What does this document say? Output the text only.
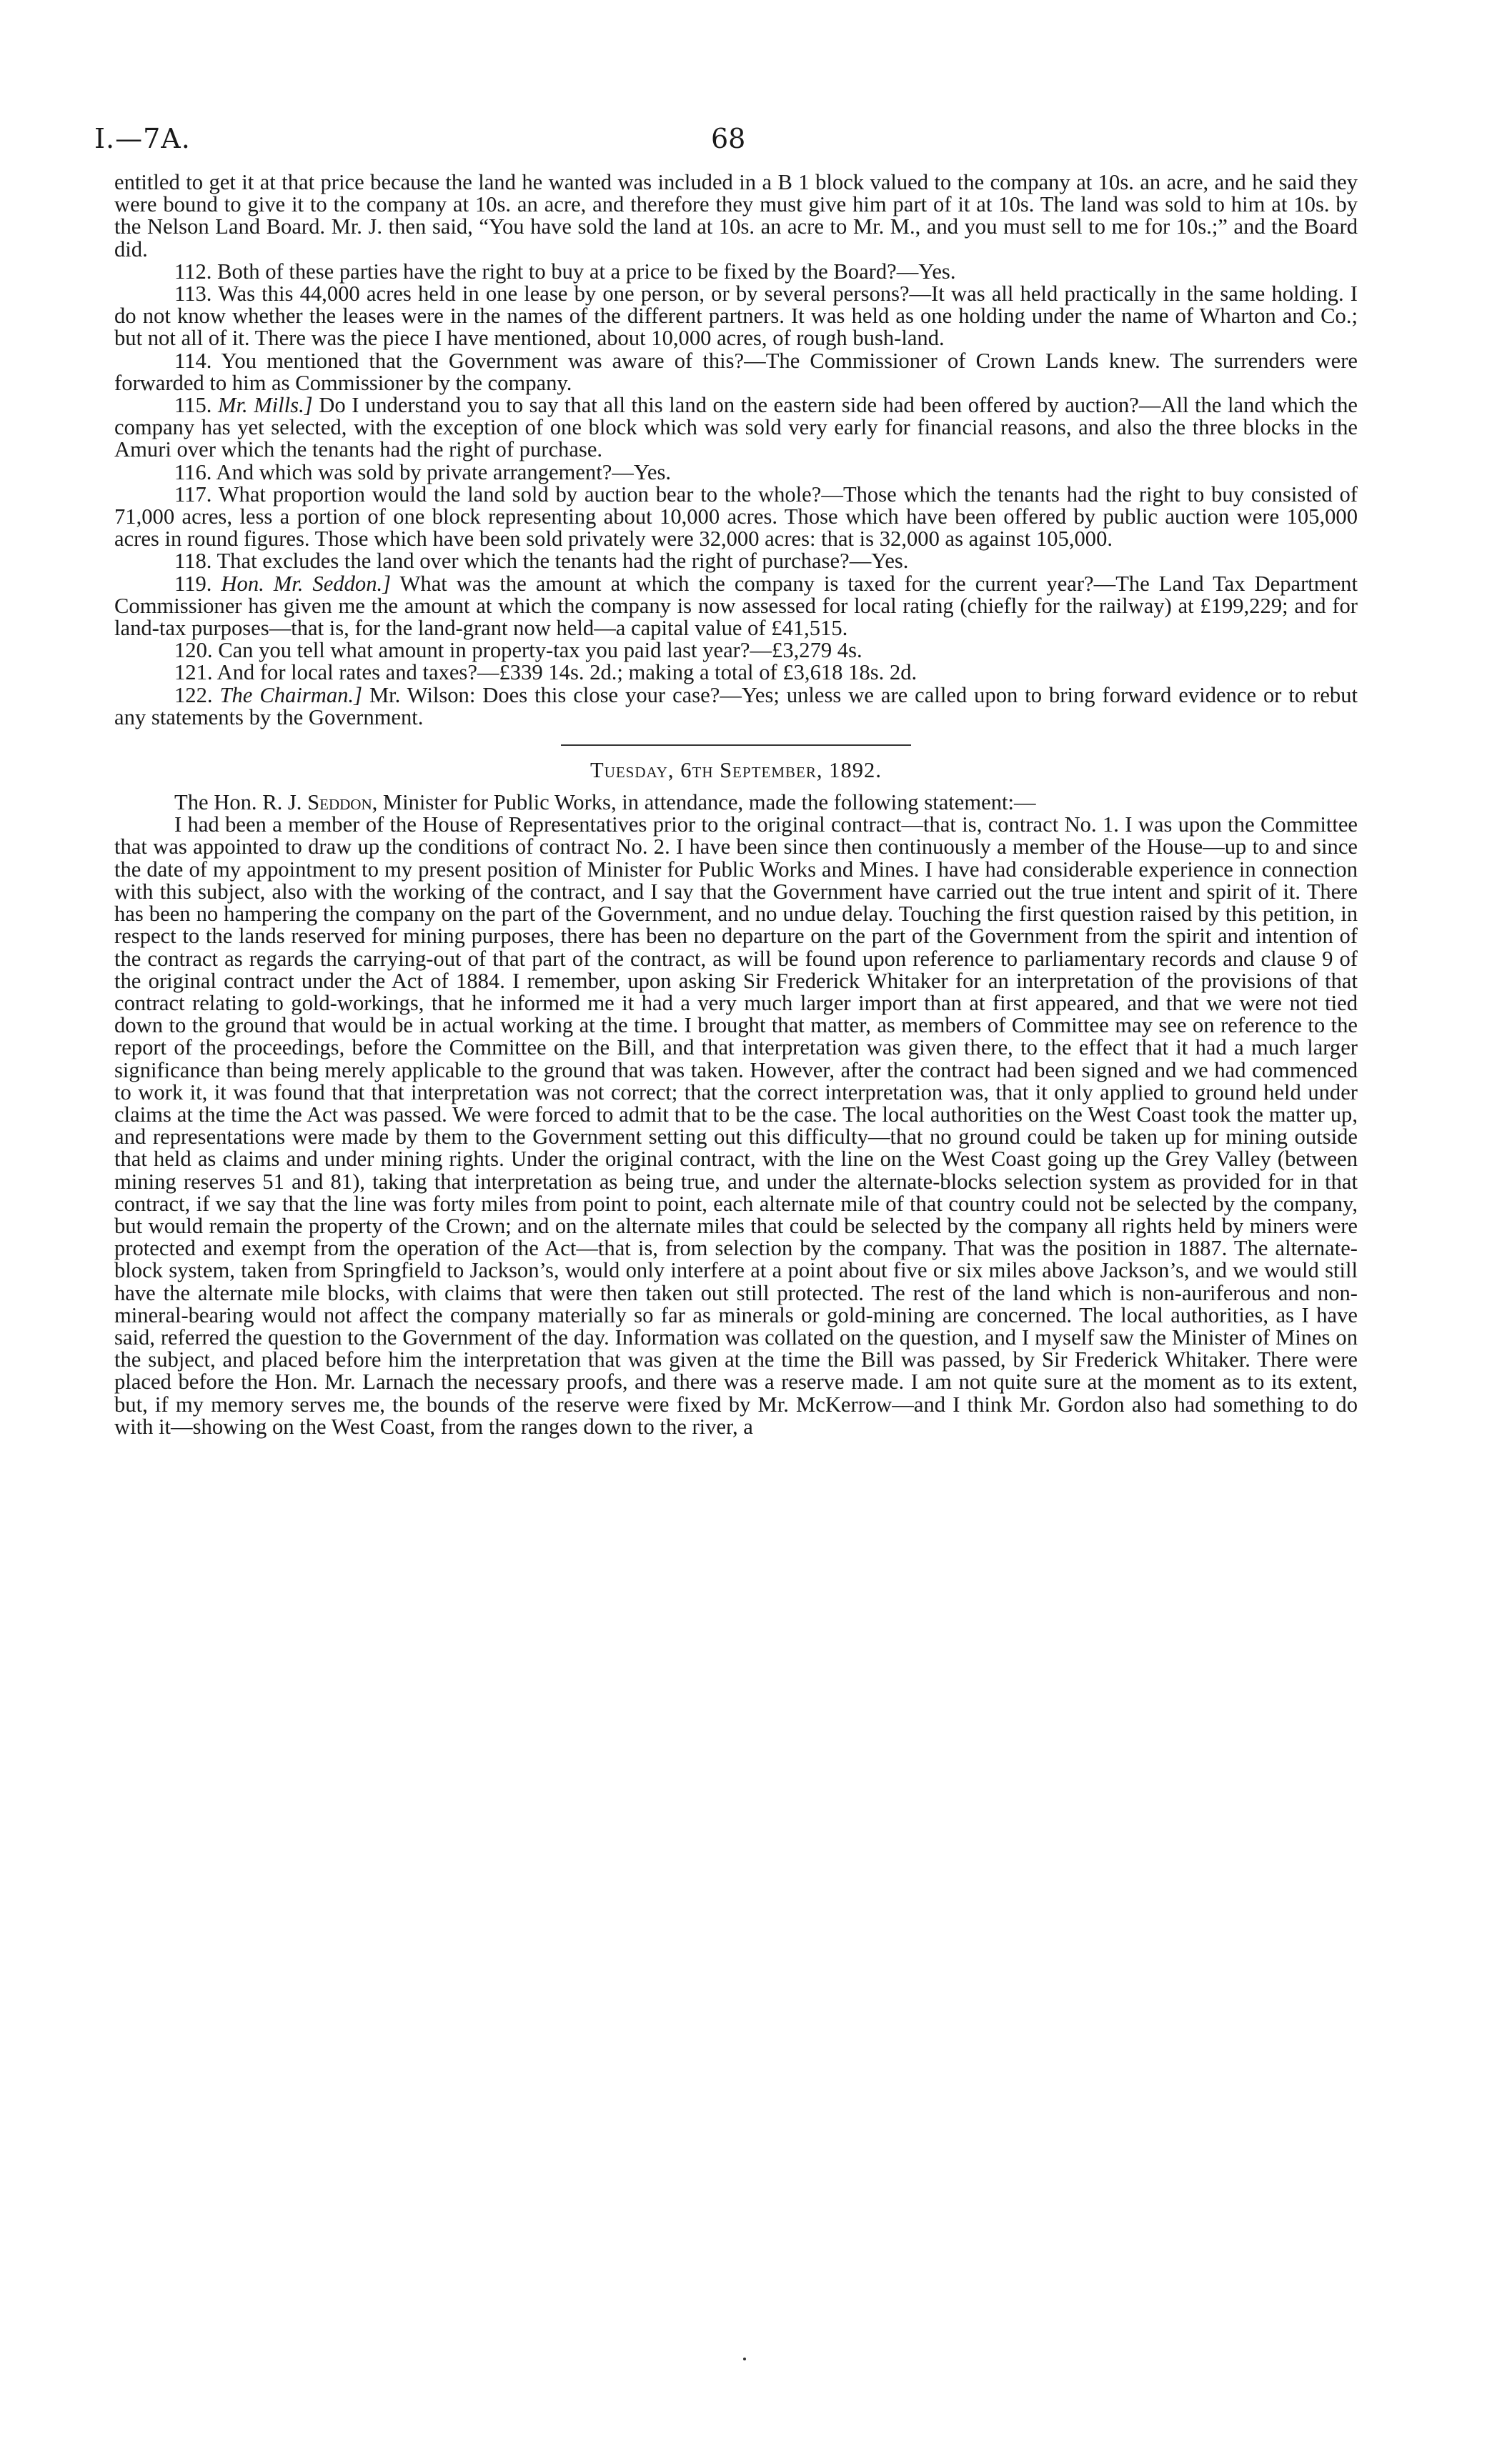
I.—7A.	68

entitled to get it at that price because the land he wanted was included in a B 1 block valued to the company at 10s. an acre, and he said they were bound to give it to the company at 10s. an acre, and therefore they must give him part of it at 10s. The land was sold to him at 10s. by the Nelson Land Board. Mr. J. then said, “You have sold the land at 10s. an acre to Mr. M., and you must sell to me for 10s.;” and the Board did.

112. Both of these parties have the right to buy at a price to be fixed by the Board?—Yes.

113. Was this 44,000 acres held in one lease by one person, or by several persons?—It was all held practically in the same holding. I do not know whether the leases were in the names of the different partners. It was held as one holding under the name of Wharton and Co.; but not all of it. There was the piece I have mentioned, about 10,000 acres, of rough bush-land.

114. You mentioned that the Government was aware of this?—The Commissioner of Crown Lands knew. The surrenders were forwarded to him as Commissioner by the company.

115. Mr. Mills.] Do I understand you to say that all this land on the eastern side had been offered by auction?—All the land which the company has yet selected, with the exception of one block which was sold very early for financial reasons, and also the three blocks in the Amuri over which the tenants had the right of purchase.

116. And which was sold by private arrangement?—Yes.

117. What proportion would the land sold by auction bear to the whole?—Those which the tenants had the right to buy consisted of 71,000 acres, less a portion of one block representing about 10,000 acres. Those which have been offered by public auction were 105,000 acres in round figures. Those which have been sold privately were 32,000 acres: that is 32,000 as against 105,000.

118. That excludes the land over which the tenants had the right of purchase?—Yes.

119. Hon. Mr. Seddon.] What was the amount at which the company is taxed for the current year?—The Land Tax Department Commissioner has given me the amount at which the company is now assessed for local rating (chiefly for the railway) at £199,229; and for land-tax purposes—that is, for the land-grant now held—a capital value of £41,515.

120. Can you tell what amount in property-tax you paid last year?—£3,279 4s.

121. And for local rates and taxes?—£339 14s. 2d.; making a total of £3,618 18s. 2d.

122. The Chairman.] Mr. Wilson: Does this close your case?—Yes; unless we are called upon to bring forward evidence or to rebut any statements by the Government.

Tuesday, 6th September, 1892.

The Hon. R. J. Seddon, Minister for Public Works, in attendance, made the following statement:—

I had been a member of the House of Representatives prior to the original contract—that is, contract No. 1. I was upon the Committee that was appointed to draw up the conditions of contract No. 2. I have been since then continuously a member of the House—up to and since the date of my appointment to my present position of Minister for Public Works and Mines. I have had considerable experience in connection with this subject, also with the working of the contract, and I say that the Government have carried out the true intent and spirit of it. There has been no hampering the company on the part of the Government, and no undue delay. Touching the first question raised by this petition, in respect to the lands reserved for mining purposes, there has been no departure on the part of the Government from the spirit and intention of the contract as regards the carrying-out of that part of the contract, as will be found upon reference to parliamentary records and clause 9 of the original contract under the Act of 1884. I remember, upon asking Sir Frederick Whitaker for an interpretation of the provisions of that contract relating to gold-workings, that he informed me it had a very much larger import than at first appeared, and that we were not tied down to the ground that would be in actual working at the time. I brought that matter, as members of Committee may see on reference to the report of the proceedings, before the Committee on the Bill, and that interpretation was given there, to the effect that it had a much larger significance than being merely applicable to the ground that was taken. However, after the contract had been signed and we had commenced to work it, it was found that that interpretation was not correct; that the correct interpretation was, that it only applied to ground held under claims at the time the Act was passed. We were forced to admit that to be the case. The local authorities on the West Coast took the matter up, and representations were made by them to the Government setting out this difficulty—that no ground could be taken up for mining outside that held as claims and under mining rights. Under the original contract, with the line on the West Coast going up the Grey Valley (between mining reserves 51 and 81), taking that interpretation as being true, and under the alternate-blocks selection system as provided for in that contract, if we say that the line was forty miles from point to point, each alternate mile of that country could not be selected by the company, but would remain the property of the Crown; and on the alternate miles that could be selected by the company all rights held by miners were protected and exempt from the operation of the Act—that is, from selection by the company. That was the position in 1887. The alternate-block system, taken from Springfield to Jackson’s, would only interfere at a point about five or six miles above Jackson’s, and we would still have the alternate mile blocks, with claims that were then taken out still protected. The rest of the land which is non-auriferous and non-mineral-bearing would not affect the company materially so far as minerals or gold-mining are concerned. The local authorities, as I have said, referred the question to the Government of the day. Information was collated on the question, and I myself saw the Minister of Mines on the subject, and placed before him the interpretation that was given at the time the Bill was passed, by Sir Frederick Whitaker. There were placed before the Hon. Mr. Larnach the necessary proofs, and there was a reserve made. I am not quite sure at the moment as to its extent, but, if my memory serves me, the bounds of the reserve were fixed by Mr. McKerrow—and I think Mr. Gordon also had something to do with it—showing on the West Coast, from the ranges down to the river, a
